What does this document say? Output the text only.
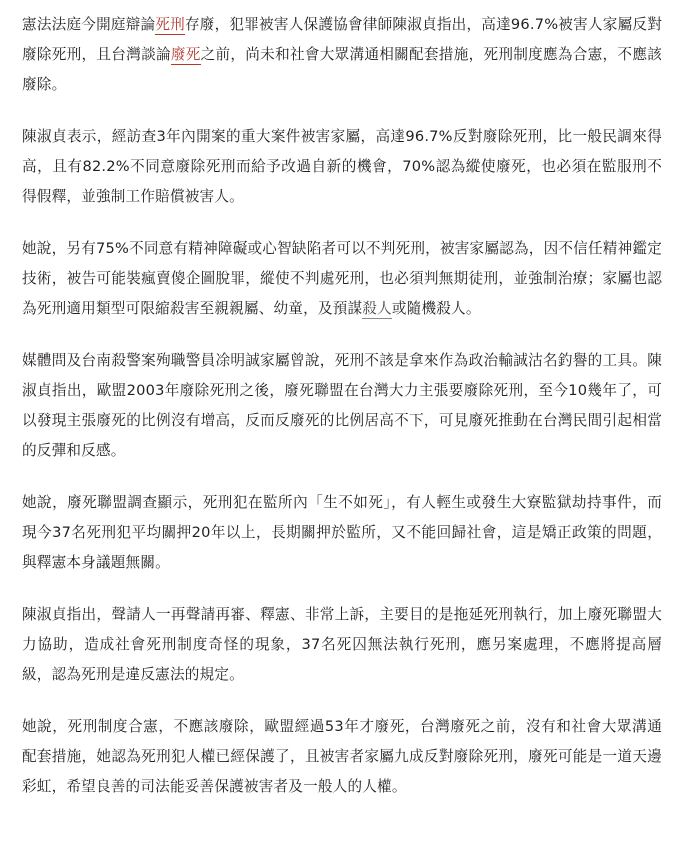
憲法法庭今開庭辯論死刑存廢，犯罪被害人保護協會律師陳淑貞指出，高達96.7%被害人家屬反對廢除死刑，且台灣談論廢死之前，尚未和社會大眾溝通相關配套措施，死刑制度應為合憲，不應該廢除。

陳淑貞表示，經訪查3年內開案的重大案件被害家屬，高達96.7%反對廢除死刑，比一般民調來得高，且有82.2%不同意廢除死刑而給予改過自新的機會，70%認為縱使廢死，也必須在監服刑不得假釋，並強制工作賠償被害人。

她說，另有75%不同意有精神障礙或心智缺陷者可以不判死刑，被害家屬認為，因不信任精神鑑定技術，被告可能裝瘋賣傻企圖脫罪，縱使不判處死刑，也必須判無期徒刑，並強制治療；家屬也認為死刑適用類型可限縮殺害至親親屬、幼童，及預謀殺人或隨機殺人。

媒體問及台南殺警案殉職警員凃明誠家屬曾說，死刑不該是拿來作為政治輸誠沽名釣譽的工具。陳淑貞指出，歐盟2003年廢除死刑之後，廢死聯盟在台灣大力主張要廢除死刑，至今10幾年了，可以發現主張廢死的比例沒有增高，反而反廢死的比例居高不下，可見廢死推動在台灣民間引起相當的反彈和反感。

她說，廢死聯盟調查顯示，死刑犯在監所內「生不如死」，有人輕生或發生大寮監獄劫持事件，而現今37名死刑犯平均關押20年以上，長期關押於監所，又不能回歸社會，這是矯正政策的問題，與釋憲本身議題無關。

陳淑貞指出，聲請人一再聲請再審、釋憲、非常上訴，主要目的是拖延死刑執行，加上廢死聯盟大力協助，造成社會死刑制度奇怪的現象，37名死囚無法執行死刑，應另案處理，不應將提高層級，認為死刑是違反憲法的規定。

她說，死刑制度合憲，不應該廢除，歐盟經過53年才廢死，台灣廢死之前，沒有和社會大眾溝通配套措施，她認為死刑犯人權已經保護了，且被害者家屬九成反對廢除死刑，廢死可能是一道天邊彩虹，希望良善的司法能妥善保護被害者及一般人的人權。
